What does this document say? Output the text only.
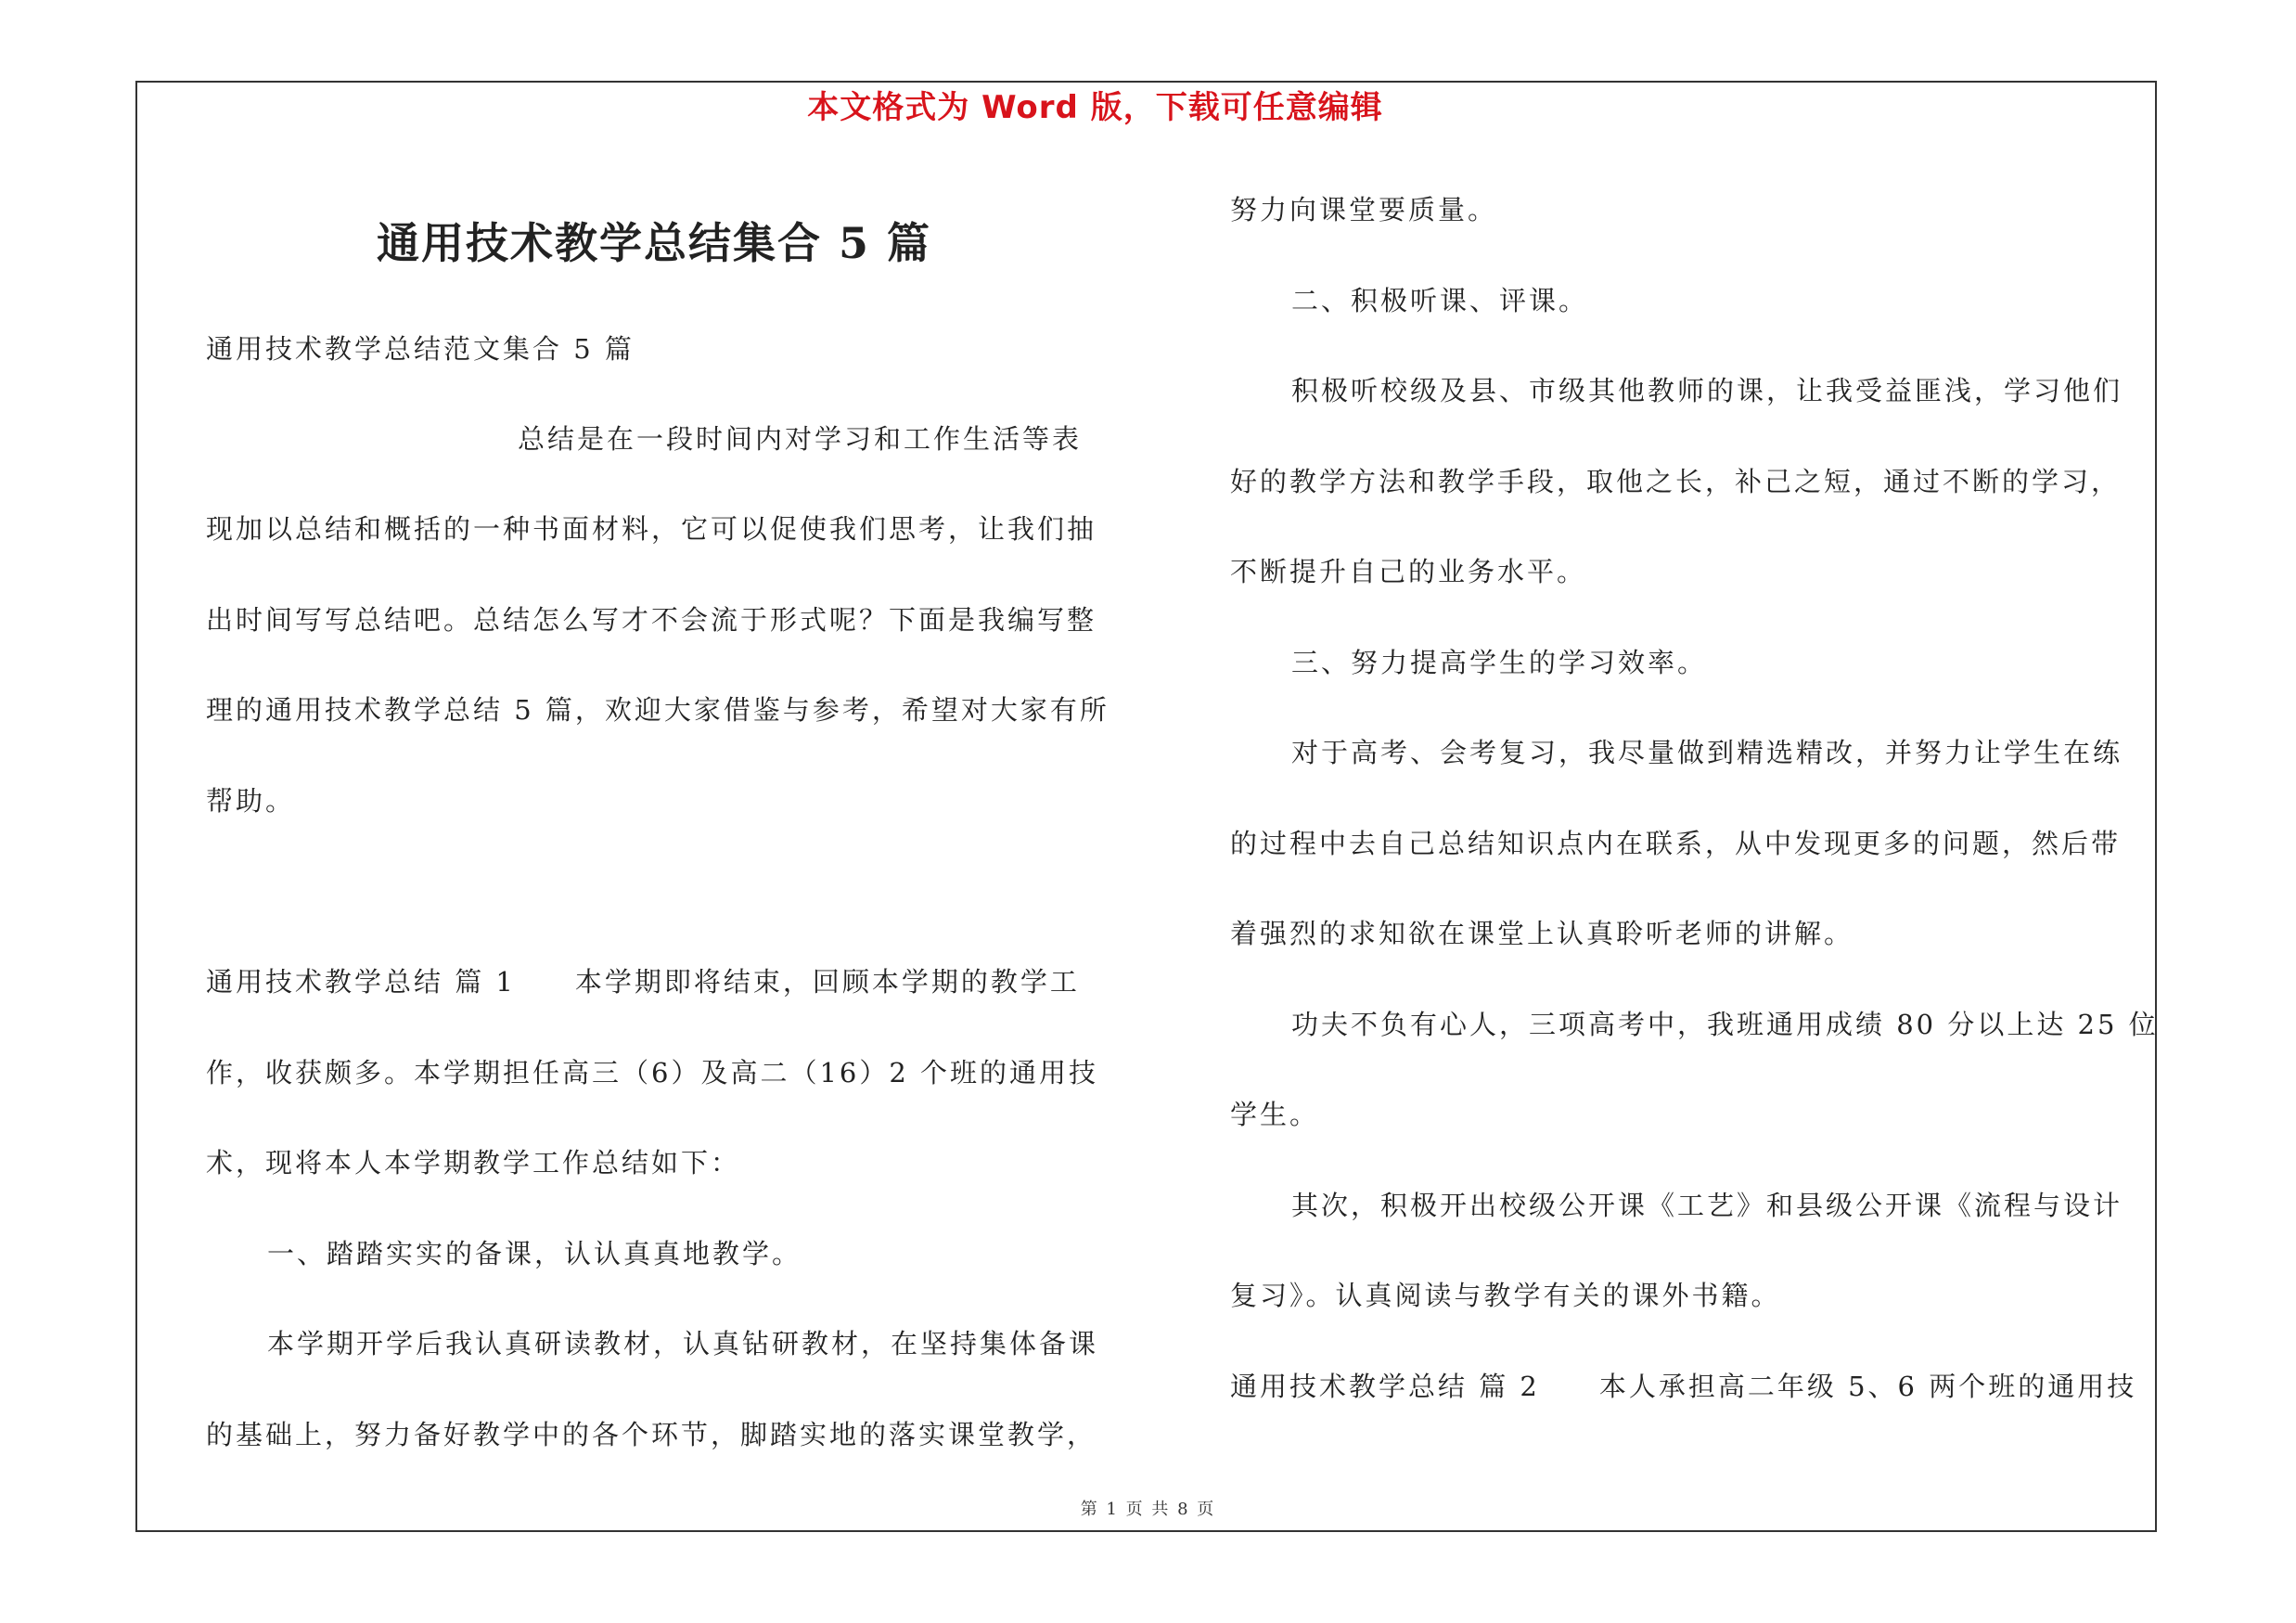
本文格式为 Word 版，下载可任意编辑
通用技术教学总结集合 5 篇
通用技术教学总结范文集合 5 篇
总结是在一段时间内对学习和工作生活等表
现加以总结和概括的一种书面材料，它可以促使我们思考，让我们抽
出时间写写总结吧。总结怎么写才不会流于形式呢？下面是我编写整
理的通用技术教学总结 5 篇，欢迎大家借鉴与参考，希望对大家有所
帮助。
通用技术教学总结 篇 1　　本学期即将结束，回顾本学期的教学工
作，收获颇多。本学期担任高三（6）及高二（16）2 个班的通用技
术，现将本人本学期教学工作总结如下：
一、踏踏实实的备课，认认真真地教学。
本学期开学后我认真研读教材，认真钻研教材，在坚持集体备课
的基础上，努力备好教学中的各个环节，脚踏实地的落实课堂教学，
努力向课堂要质量。
二、积极听课、评课。
积极听校级及县、市级其他教师的课，让我受益匪浅，学习他们
好的教学方法和教学手段，取他之长，补己之短，通过不断的学习，
不断提升自己的业务水平。
三、努力提高学生的学习效率。
对于高考、会考复习，我尽量做到精选精改，并努力让学生在练
的过程中去自己总结知识点内在联系，从中发现更多的问题，然后带
着强烈的求知欲在课堂上认真聆听老师的讲解。
功夫不负有心人，三项高考中，我班通用成绩 80 分以上达 25 位
学生。
其次，积极开出校级公开课《工艺》和县级公开课《流程与设计
复习》。认真阅读与教学有关的课外书籍。
通用技术教学总结 篇 2　　本人承担高二年级 5、6 两个班的通用技
第 1 页 共 8 页
